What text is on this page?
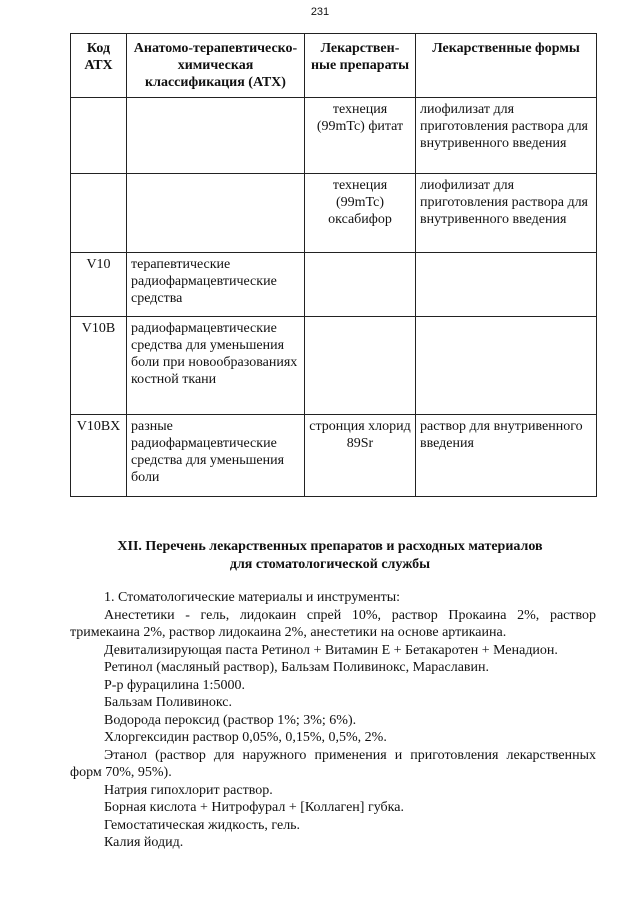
231
Код АТХ	Анатомо-терапевтическо-химическая классификация (АТХ)	Лекарствен-ные препараты	Лекарственные формы
		технеция (99mTc) фитат	лиофилизат для приготовления раствора для внутривенного введения
		технеция (99mTc) оксабифор	лиофилизат для приготовления раствора для внутривенного введения
V10	терапевтические радиофармацевтические средства		
V10B	радиофармацевтические средства для уменьшения боли при новообразованиях костной ткани		
V10BX	разные радиофармацевтические средства для уменьшения боли	стронция хлорид 89Sr	раствор для внутривенного введения
XII. Перечень лекарственных препаратов и расходных материалов для стоматологической службы

1. Стоматологические материалы и инструменты:

Анестетики - гель, лидокаин спрей 10%, раствор Прокаина 2%, раствор тримекаина 2%, раствор лидокаина 2%, анестетики на основе артикаина.

Девитализирующая паста Ретинол + Витамин Е + Бетакаротен + Менадион.

Ретинол (масляный раствор), Бальзам Поливинокс, Мараславин.

Р-р фурацилина 1:5000.

Бальзам Поливинокс.

Водорода пероксид (раствор 1%; 3%; 6%).

Хлоргексидин раствор 0,05%, 0,15%, 0,5%, 2%.

Этанол (раствор для наружного применения и приготовления лекарственных форм 70%, 95%).

Натрия гипохлорит раствор.

Борная кислота + Нитрофурал + [Коллаген] губка.

Гемостатическая жидкость, гель.

Калия йодид.
